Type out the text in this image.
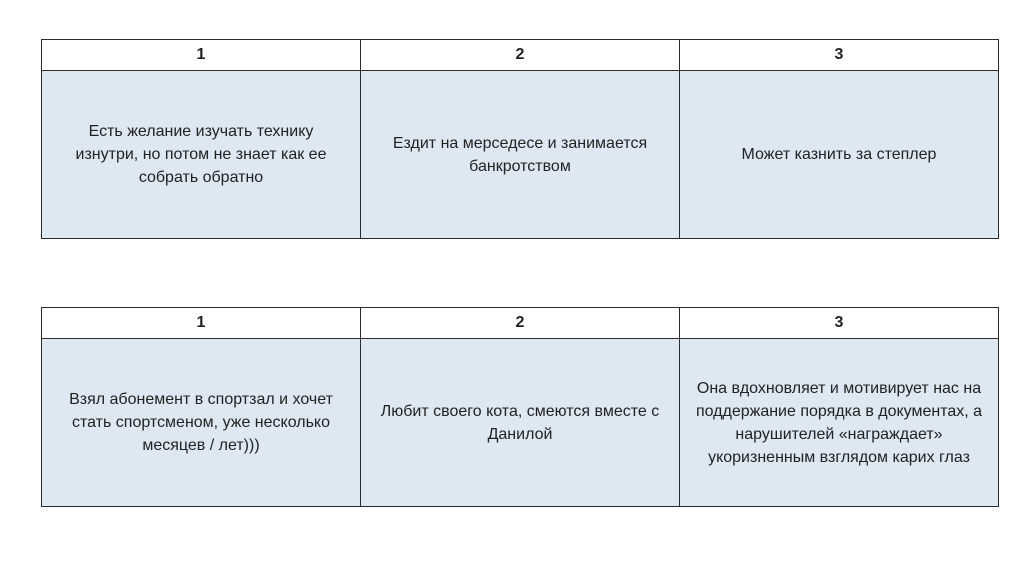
1	2	3
Есть желание изучать технику изнутри, но потом не знает как ее собрать обратно	Ездит на мерседесе и занимается банкротством	Может казнить за степлер
1	2	3
Взял абонемент в спортзал и хочет стать спортсменом, уже несколько месяцев / лет)))	Любит своего кота, смеются вместе с Данилой	Она вдохновляет и мотивирует нас на поддержание порядка в документах, а нарушителей «награждает» укоризненным взглядом карих глаз
